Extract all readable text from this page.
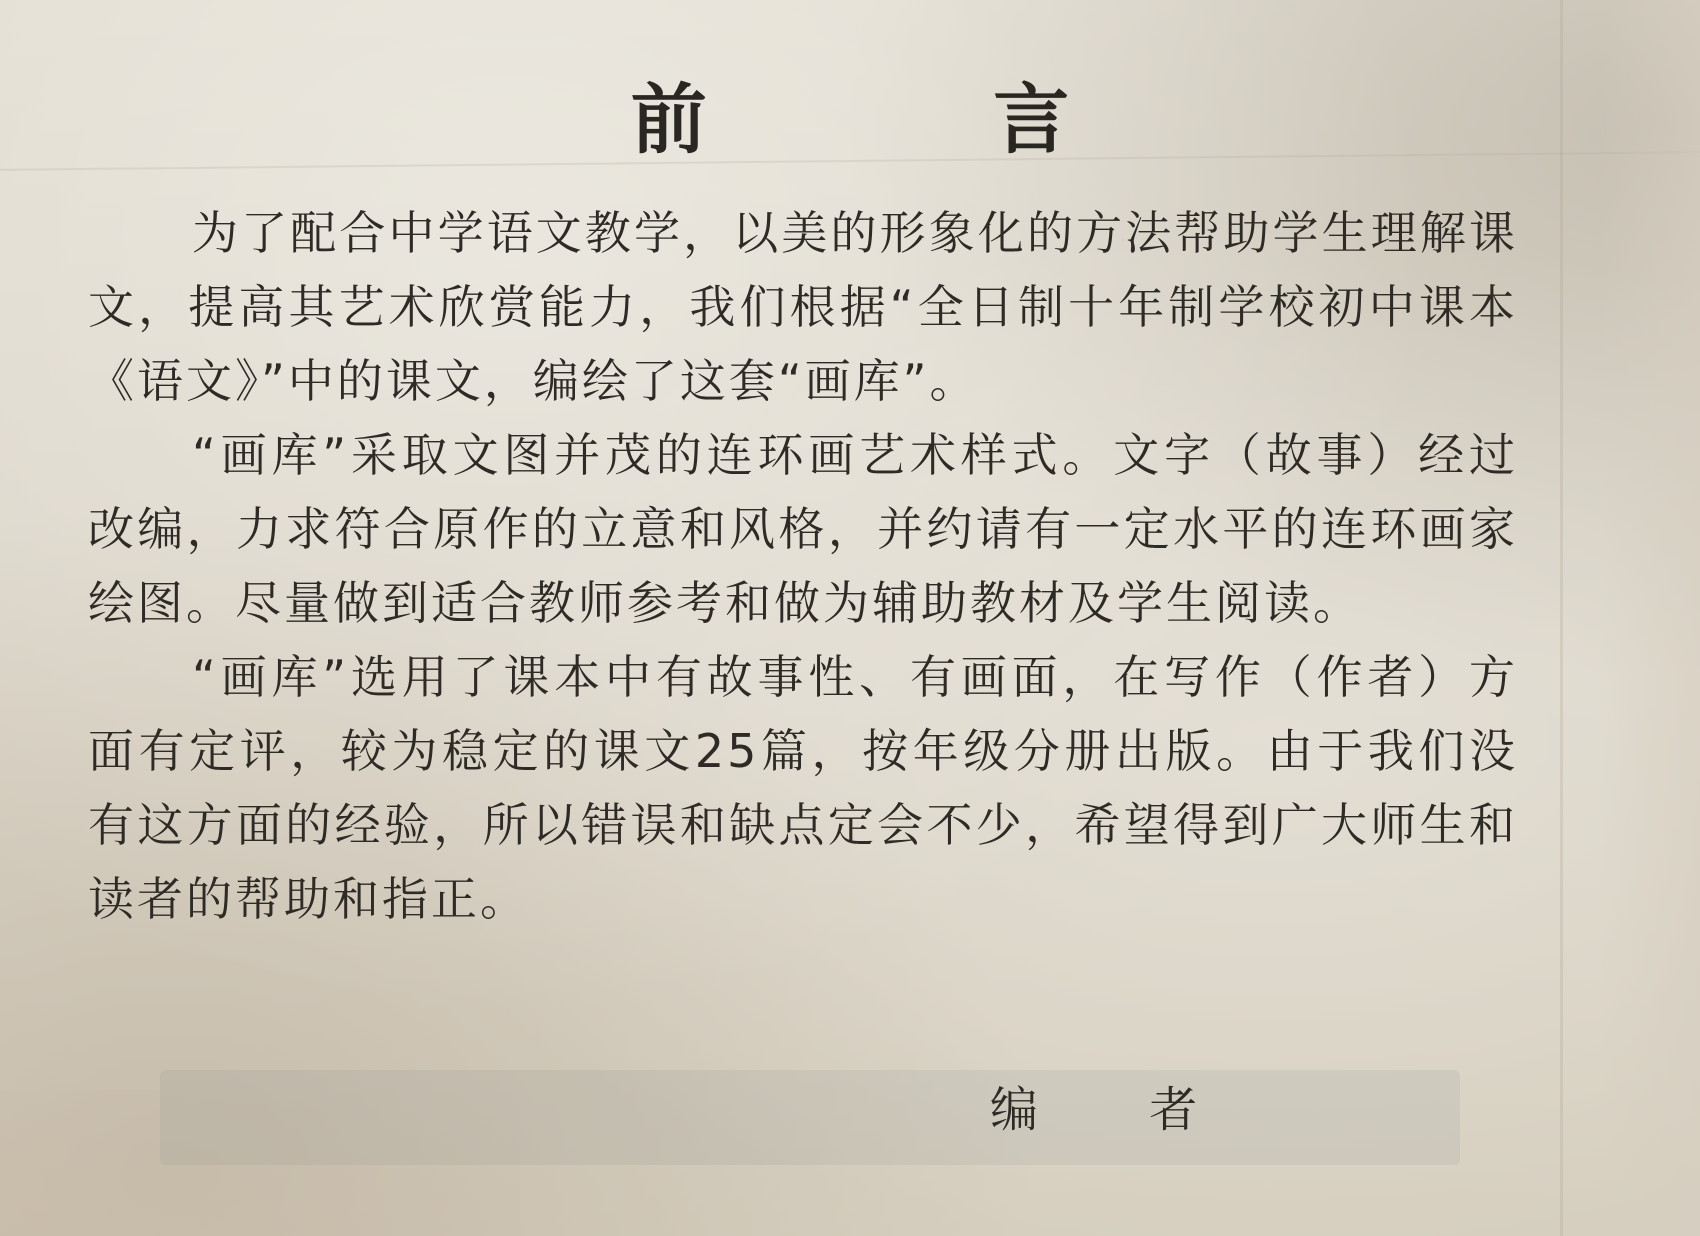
前 言

为了配合中学语文教学，以美的形象化的方法帮助学生理解课文，提高其艺术欣赏能力，我们根据“全日制十年制学校初中课本《语文》”中的课文，编绘了这套“画库”。

“画库”采取文图并茂的连环画艺术样式。文字（故事）经过改编，力求符合原作的立意和风格，并约请有一定水平的连环画家绘图。尽量做到适合教师参考和做为辅助教材及学生阅读。

“画库”选用了课本中有故事性、有画面，在写作（作者）方面有定评，较为稳定的课文25篇，按年级分册出版。由于我们没有这方面的经验，所以错误和缺点定会不少，希望得到广大师生和读者的帮助和指正。

编 者
